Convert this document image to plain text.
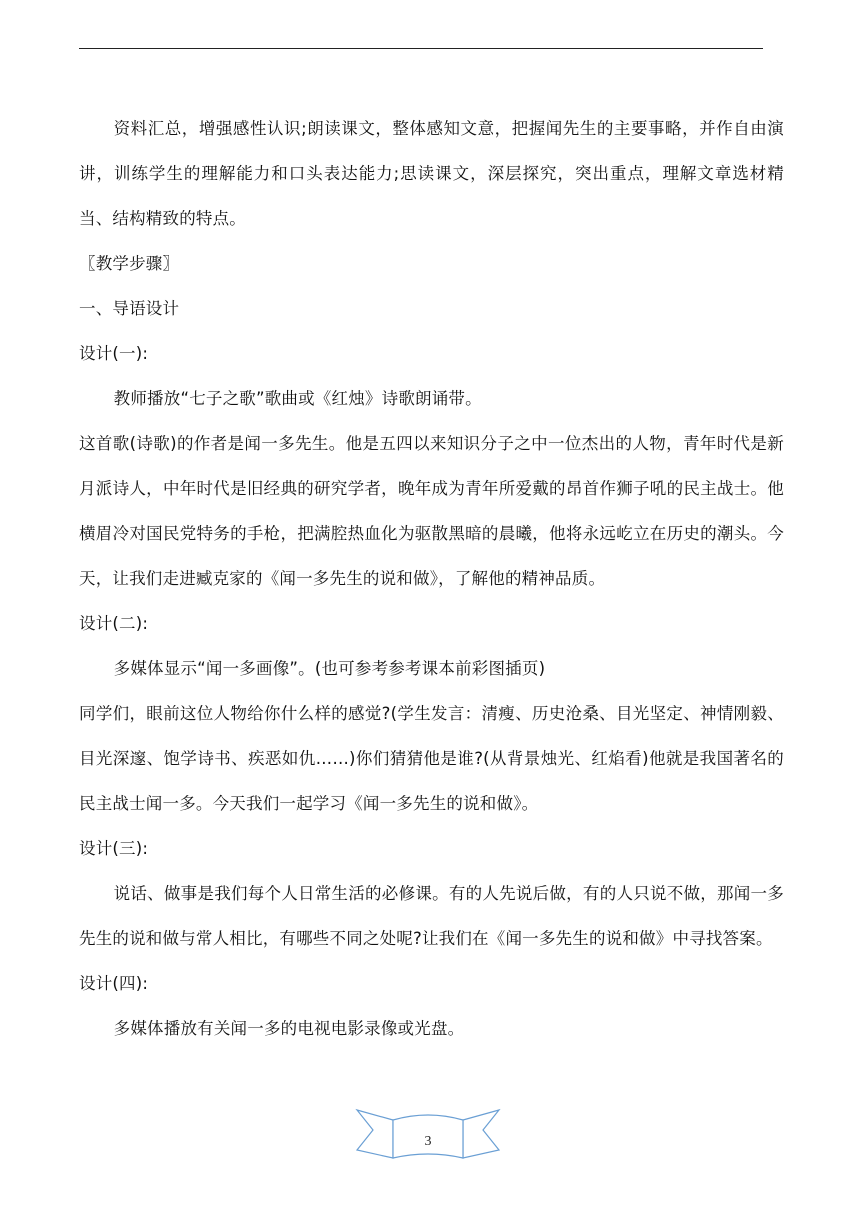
资料汇总，增强感性认识;朗读课文，整体感知文意，把握闻先生的主要事略，并作自由演讲，训练学生的理解能力和口头表达能力;思读课文，深层探究，突出重点，理解文章选材精当、结构精致的特点。

〖教学步骤〗

一、导语设计

设计(一):

教师播放“七子之歌”歌曲或《红烛》诗歌朗诵带。

这首歌(诗歌)的作者是闻一多先生。他是五四以来知识分子之中一位杰出的人物，青年时代是新月派诗人，中年时代是旧经典的研究学者，晚年成为青年所爱戴的昂首作狮子吼的民主战士。他横眉冷对国民党特务的手枪，把满腔热血化为驱散黑暗的晨曦，他将永远屹立在历史的潮头。今天，让我们走进臧克家的《闻一多先生的说和做》，了解他的精神品质。

设计(二):

多媒体显示“闻一多画像”。(也可参考参考课本前彩图插页)

同学们，眼前这位人物给你什么样的感觉?(学生发言：清瘦、历史沧桑、目光坚定、神情刚毅、目光深邃、饱学诗书、疾恶如仇……)你们猜猜他是谁?(从背景烛光、红焰看)他就是我国著名的民主战士闻一多。今天我们一起学习《闻一多先生的说和做》。

设计(三):

说话、做事是我们每个人日常生活的必修课。有的人先说后做，有的人只说不做，那闻一多先生的说和做与常人相比，有哪些不同之处呢?让我们在《闻一多先生的说和做》中寻找答案。

设计(四):

多媒体播放有关闻一多的电视电影录像或光盘。

3
